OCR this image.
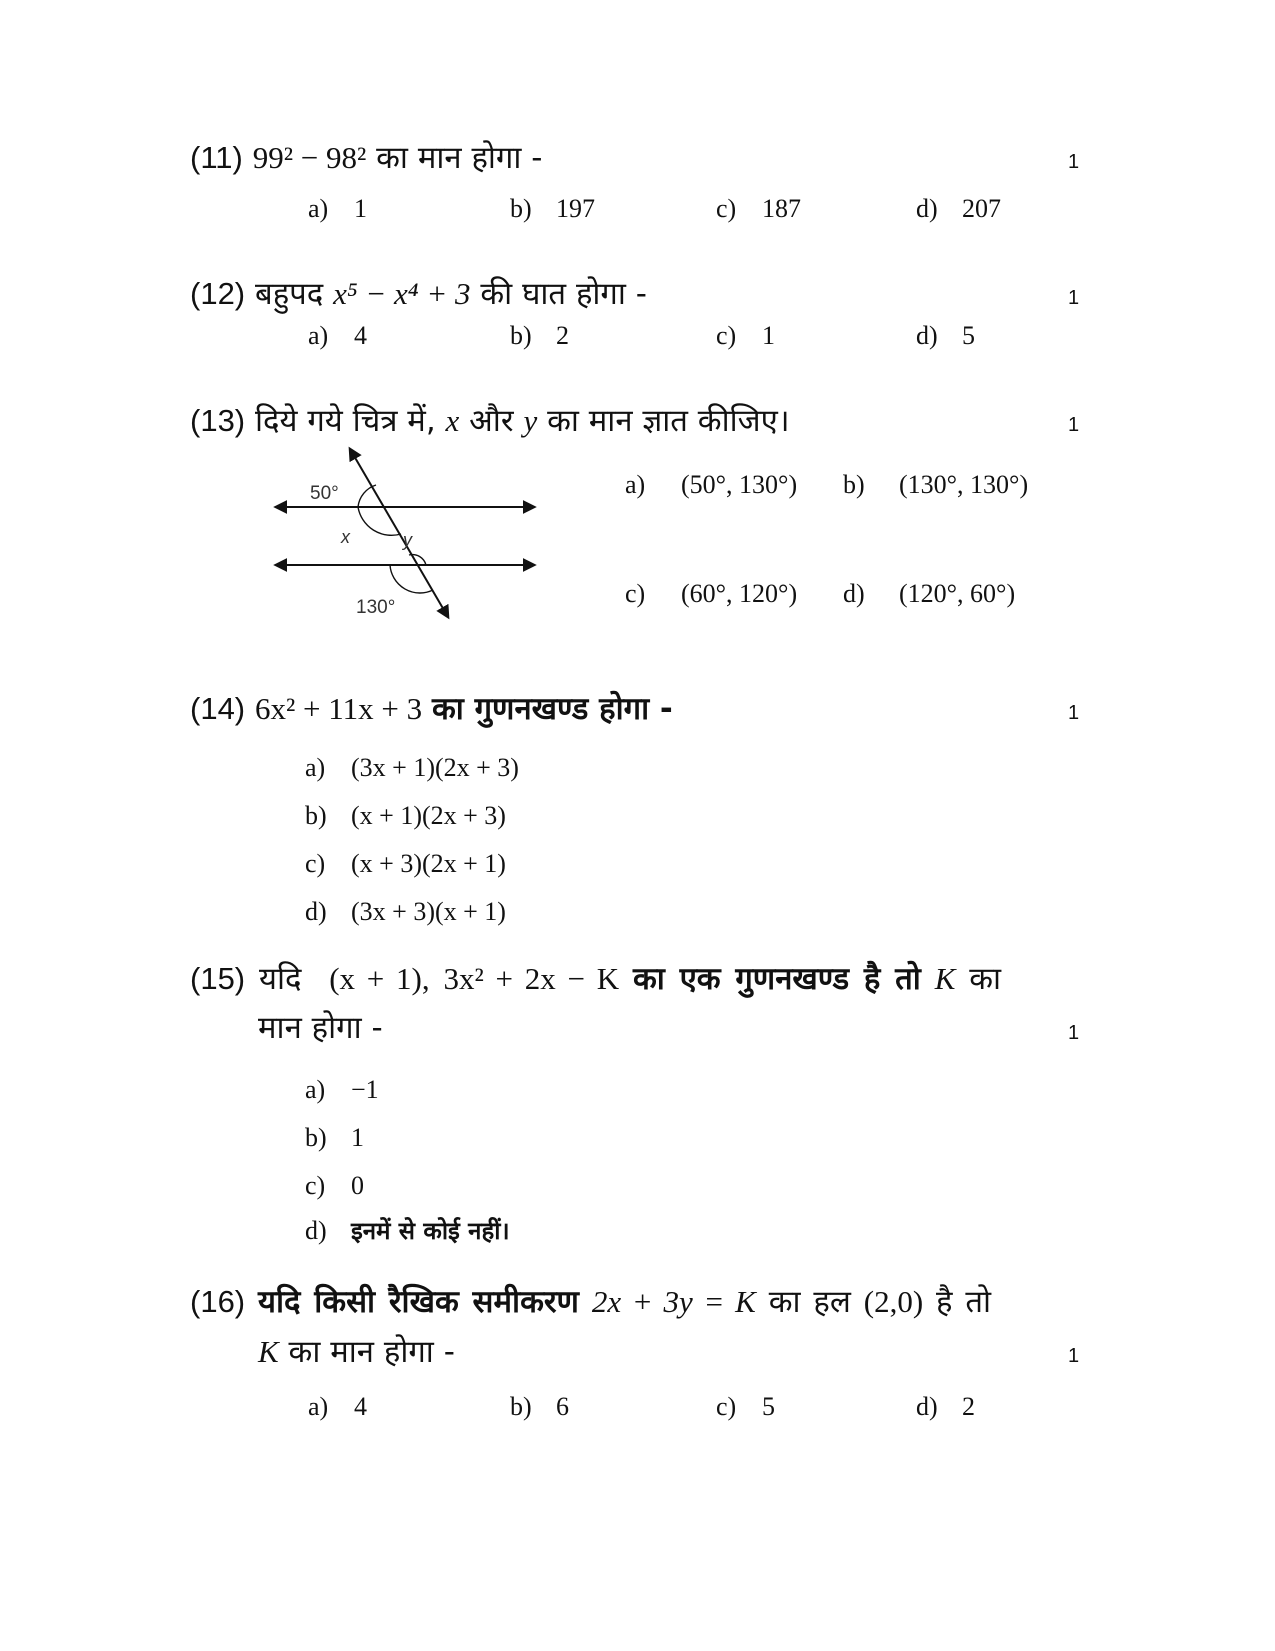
(11) 99² − 98² का मान होगा -	1
a) 1	b) 197	c) 187	d) 207
(12) बहुपद x⁵ − x⁴ + 3 की घात होगा -	1
a) 4	b) 2	c) 1	d) 5
(13) दिये गये चित्र में, x और y का मान ज्ञात कीजिए।	1
50°
x	y
130°
a) (50°, 130°) b) (130°, 130°)
c) (60°, 120°) d) (120°, 60°)
(14) 6x² + 11x + 3 का गुणनखण्ड होगा -	1
a) (3x + 1)(2x + 3)
b) (x + 1)(2x + 3)
c) (x + 3)(2x + 1)
d) (3x + 3)(x + 1)
(15) यदि (x + 1), 3x² + 2x − K का एक गुणनखण्ड है तो K का
मान होगा -	1
a) −1
b) 1
c) 0
d) इनमें से कोई नहीं।
(16) यदि किसी रैखिक समीकरण 2x + 3y = K का हल (2,0) है तो
K का मान होगा -	1
a) 4	b) 6	c) 5	d) 2
